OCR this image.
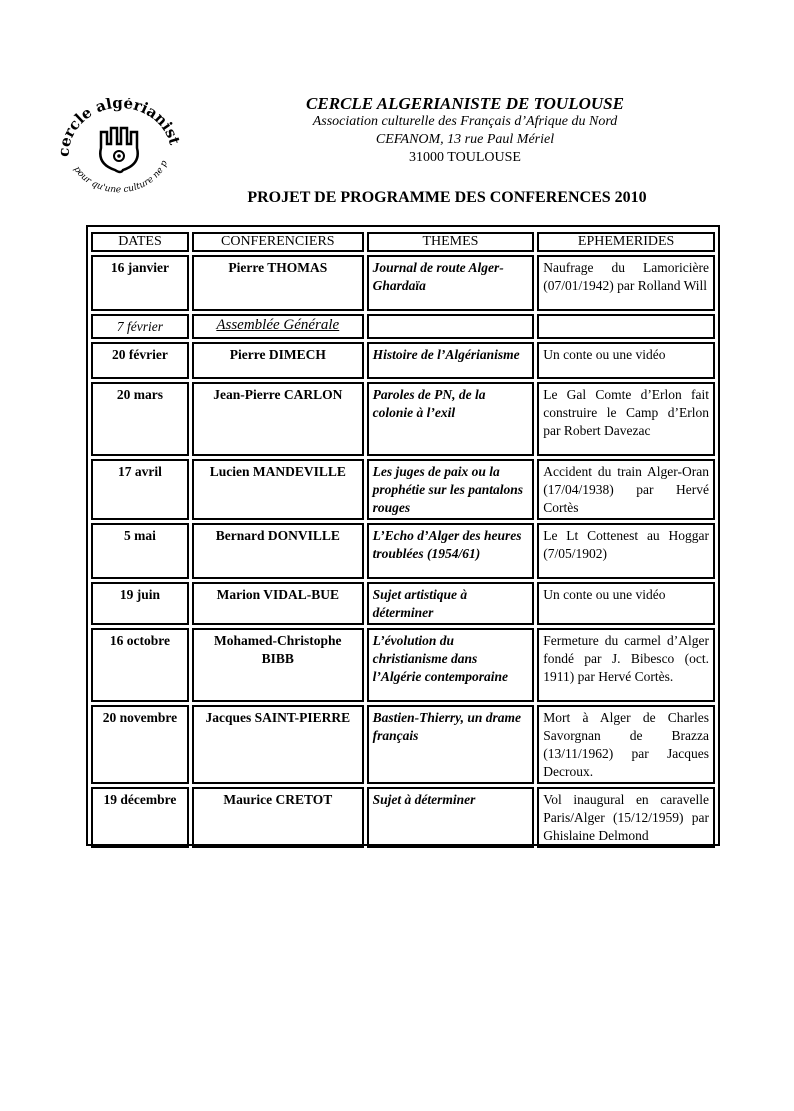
cercle algérianist
pour qu'une culture ne p
CERCLE ALGERIANISTE DE TOULOUSE
Association culturelle des Français d’Afrique du Nord
CEFANOM, 13 rue Paul Mériel
31000 TOULOUSE
PROJET DE PROGRAMME DES CONFERENCES 2010
DATES	CONFERENCIERS	THEMES	EPHEMERIDES
16 janvier	Pierre THOMAS	Journal de route Alger-Ghardaïa	Naufrage du Lamoricière (07/01/1942) par Rolland Will
7 février	Assemblée Générale		
20 février	Pierre DIMECH	Histoire de l’Algérianisme	Un conte ou une vidéo
20 mars	Jean-Pierre CARLON	Paroles de PN, de la colonie à l’exil	Le Gal Comte d’Erlon fait construire le Camp d’Erlon par Robert Davezac
17 avril	Lucien MANDEVILLE	Les juges de paix ou la prophétie sur les pantalons rouges	Accident du train Alger-Oran (17/04/1938) par Hervé Cortès
5 mai	Bernard DONVILLE	L’Echo d’Alger des heures troublées (1954/61)	Le Lt Cottenest au Hoggar (7/05/1902)
19 juin	Marion VIDAL-BUE	Sujet artistique à déterminer	Un conte ou une vidéo
16 octobre	Mohamed-Christophe BIBB	L’évolution du christianisme dans l’Algérie contemporaine	Fermeture du carmel d’Alger fondé par J. Bibesco (oct. 1911) par Hervé Cortès.
20 novembre	Jacques SAINT-PIERRE	Bastien-Thierry, un drame français	Mort à Alger de Charles Savorgnan de Brazza (13/11/1962) par Jacques Decroux.
19 décembre	Maurice CRETOT	Sujet à déterminer	Vol inaugural en caravelle Paris/Alger (15/12/1959) par Ghislaine Delmond
